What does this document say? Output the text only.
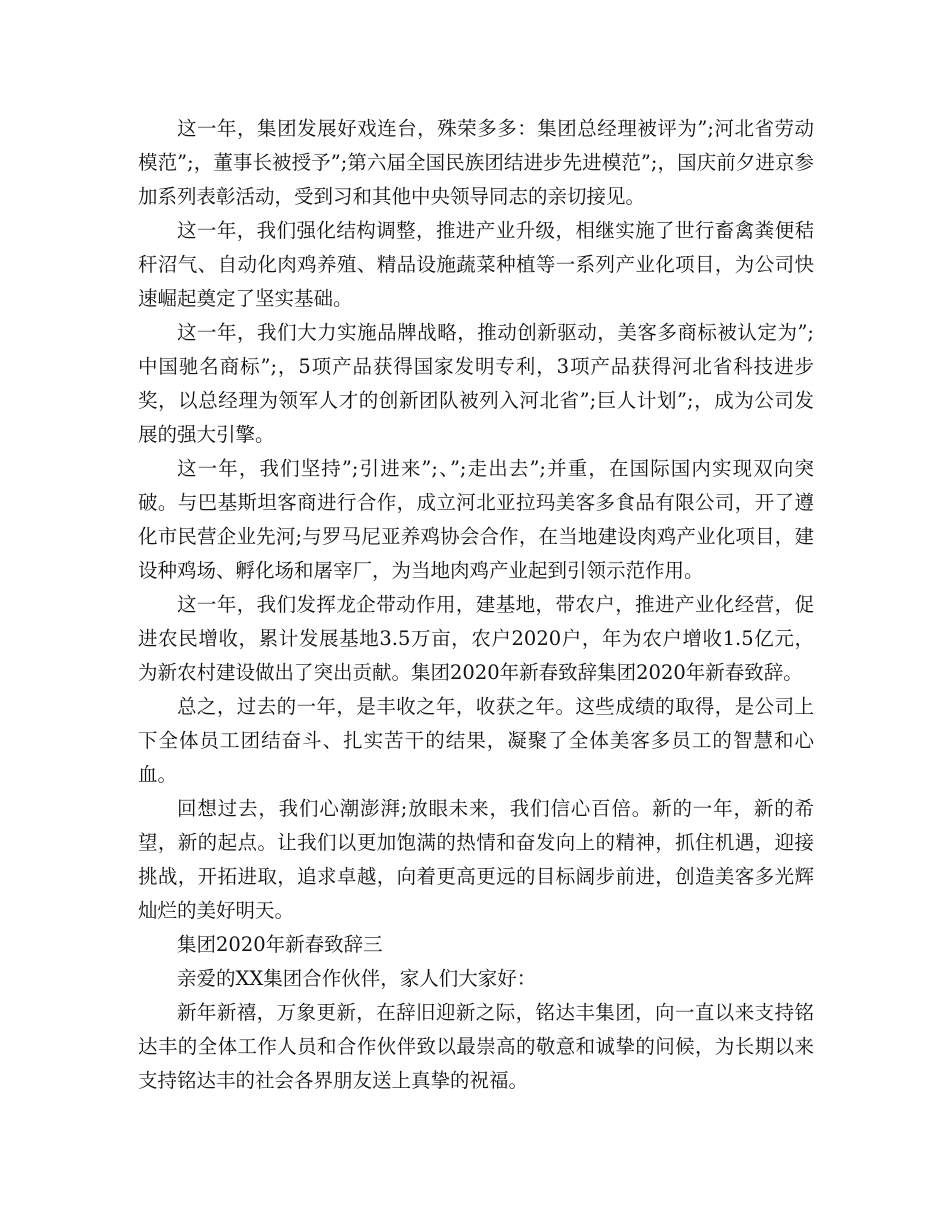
这一年，集团发展好戏连台，殊荣多多：集团总经理被评为”;河北省劳动模范”;，董事长被授予”;第六届全国民族团结进步先进模范”;，国庆前夕进京参加系列表彰活动，受到习和其他中央领导同志的亲切接见。

这一年，我们强化结构调整，推进产业升级，相继实施了世行畜禽粪便秸秆沼气、自动化肉鸡养殖、精品设施蔬菜种植等一系列产业化项目，为公司快速崛起奠定了坚实基础。

这一年，我们大力实施品牌战略，推动创新驱动，美客多商标被认定为”;中国驰名商标”;，5项产品获得国家发明专利，3项产品获得河北省科技进步奖，以总经理为领军人才的创新团队被列入河北省”;巨人计划”;，成为公司发展的强大引擎。

这一年，我们坚持”;引进来”;、”;走出去”;并重，在国际国内实现双向突破。与巴基斯坦客商进行合作，成立河北亚拉玛美客多食品有限公司，开了遵化市民营企业先河;与罗马尼亚养鸡协会合作，在当地建设肉鸡产业化项目，建设种鸡场、孵化场和屠宰厂，为当地肉鸡产业起到引领示范作用。

这一年，我们发挥龙企带动作用，建基地，带农户，推进产业化经营，促进农民增收，累计发展基地3.5万亩，农户2020户，年为农户增收1.5亿元，为新农村建设做出了突出贡献。集团2020年新春致辞集团2020年新春致辞。

总之，过去的一年，是丰收之年，收获之年。这些成绩的取得，是公司上下全体员工团结奋斗、扎实苦干的结果，凝聚了全体美客多员工的智慧和心血。

回想过去，我们心潮澎湃;放眼未来，我们信心百倍。新的一年，新的希望，新的起点。让我们以更加饱满的热情和奋发向上的精神，抓住机遇，迎接挑战，开拓进取，追求卓越，向着更高更远的目标阔步前进，创造美客多光辉灿烂的美好明天。

集团2020年新春致辞三

亲爱的XX集团合作伙伴，家人们大家好：

新年新禧，万象更新，在辞旧迎新之际，铭达丰集团，向一直以来支持铭达丰的全体工作人员和合作伙伴致以最崇高的敬意和诚挚的问候，为长期以来支持铭达丰的社会各界朋友送上真挚的祝福。
